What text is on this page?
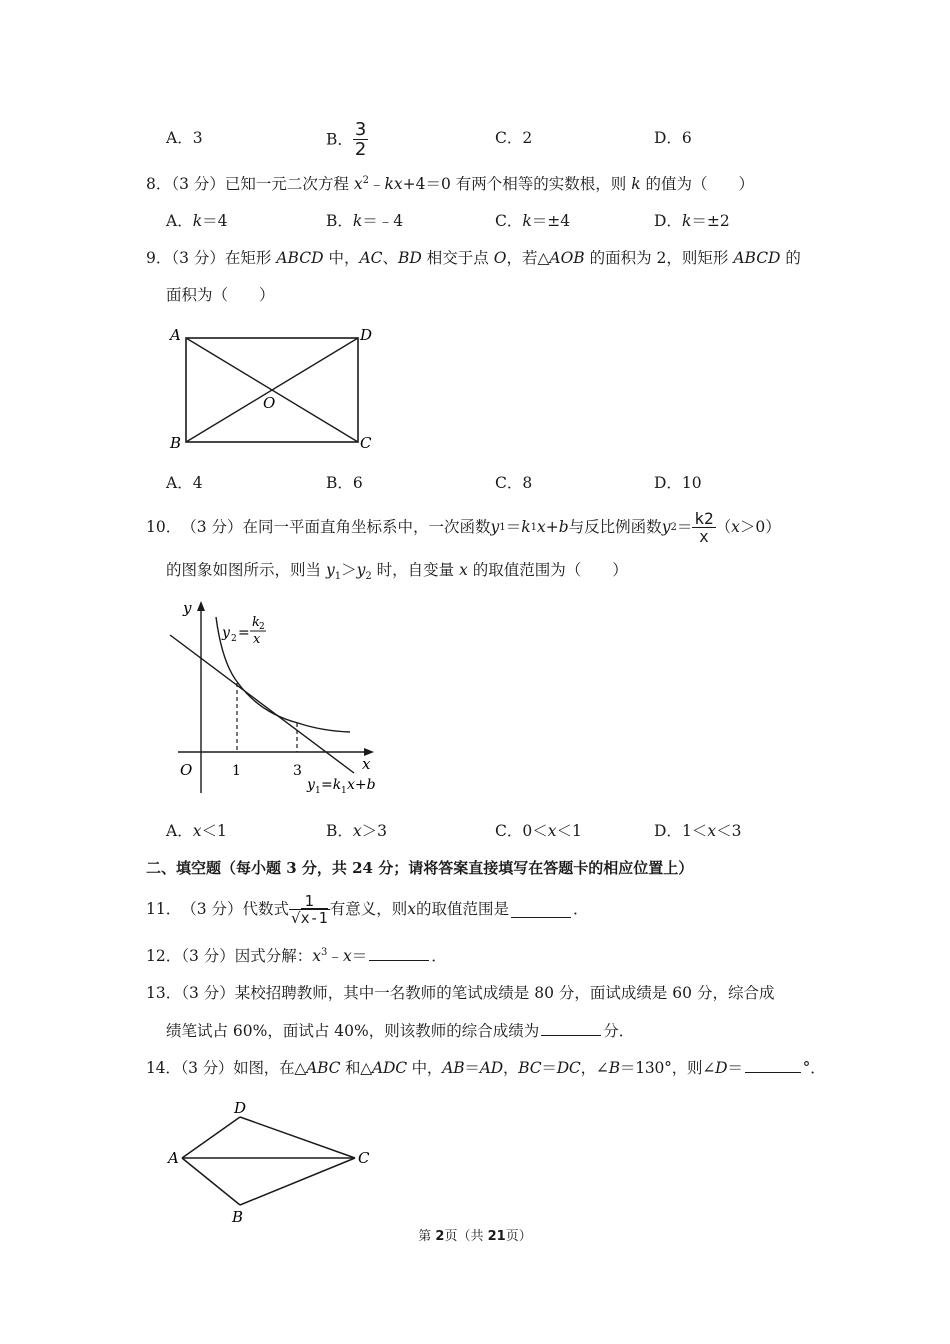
A．3	B． $\frac{3}{2}$	C．2	D．6
8．（3 分）已知一元二次方程 $x^2﹣kx+4=0$ 有两个相等的实数根，则 k 的值为（　　）
A．k＝4	B．k＝﹣4	C．k＝±4	D．k＝±2
9．（3 分）在矩形 ABCD 中，AC、BD 相交于点 O，若△AOB 的面积为 2，则矩形 ABCD 的
面积为（　　）
A	D
B	C
O
A．4	B．6	C．8	D．10
10． （3 分） 在同一平面直角坐标系中，一次函数 y 1 ＝ k 1 x + b 与反比例函数 y $2 = \frac{k2}{x}$ （ x ＞0）
的图象如图所示，则当 $y_1>y_2$ 时，自变量 x 的取值范围为（　　）
y
x
O	1	3
y 2 =
k 2
x
y 1 =k 1 x+b
A．x＜1	B．x＞3	C．0＜x＜1	D．1＜x＜3
二、填空题（每小题 3 分，共 24 分；请将答案直接填写在答题卡的相应位置上）
11． （3 分） 代数式 $\frac{1}{√x-1}$ 有意义，则 x 的取值范围是	．
12．（3 分）因式分解：$x^3﹣x=$	．
13．（3 分）某校招聘教师，其中一名教师的笔试成绩是 80 分，面试成绩是 60 分，综合成
绩笔试占 60%，面试占 40%，则该教师的综合成绩为	分．
14．（3 分）如图，在△ABC 和△ADC 中，AB＝AD，BC＝DC，∠B＝130°，则∠D＝	°．
D
A	C
B
第 2页（共 21页）
